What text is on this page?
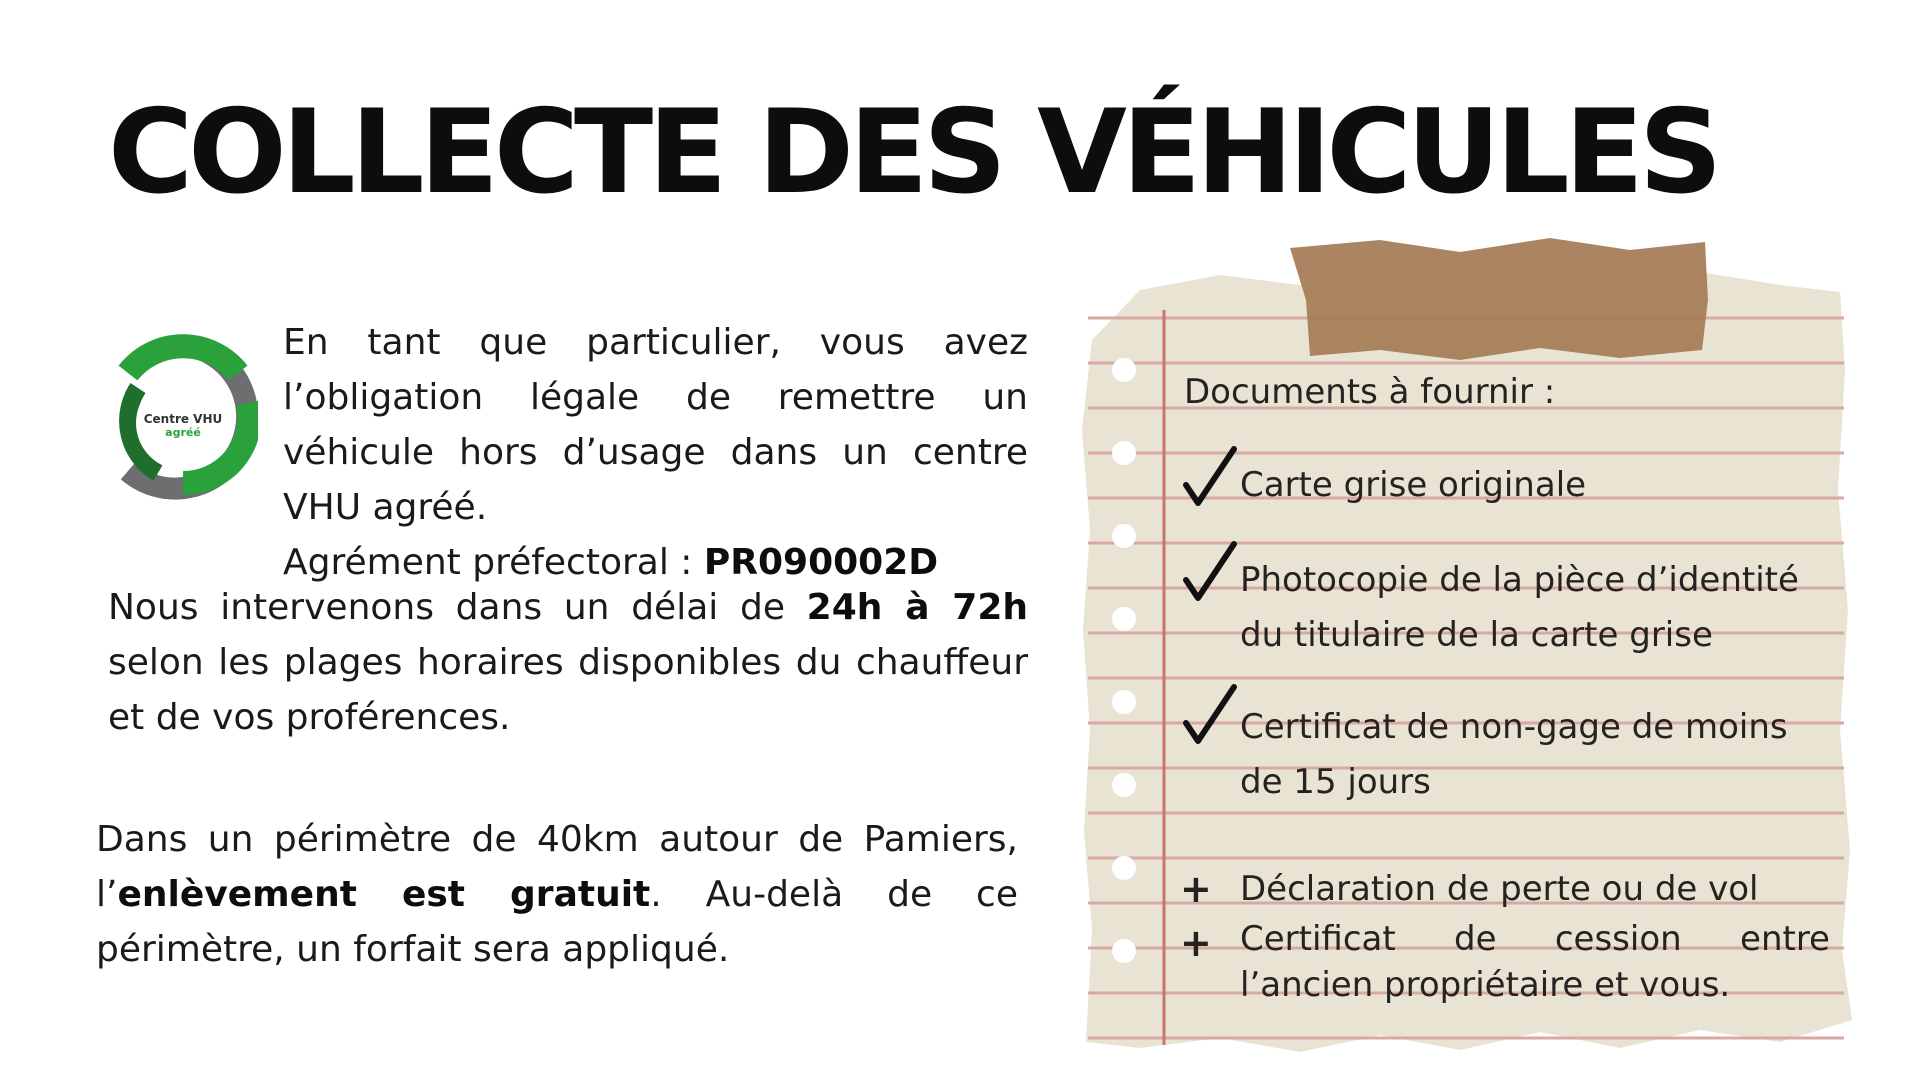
COLLECTE DES VÉHICULES
Centre VHU
agréé

En tant que particulier, vous avez l’obligation légale de remettre un véhicule hors d’usage dans un centre VHU agréé.
Agrément préfectoral : PR090002D

Nous intervenons dans un délai de 24h à 72h selon les plages horaires disponibles du chauffeur et de vos proférences.

Dans un périmètre de 40km autour de Pamiers, l’enlèvement est gratuit. Au-delà de ce périmètre, un forfait sera appliqué.

Documents à fournir :
Carte grise originale
Photocopie de la pièce d’identité
du titulaire de la carte grise
Certificat de non-gage de moins
de 15 jours
+ Déclaration de perte ou de vol
+ Certificat de cession entre
l’ancien propriétaire et vous.
